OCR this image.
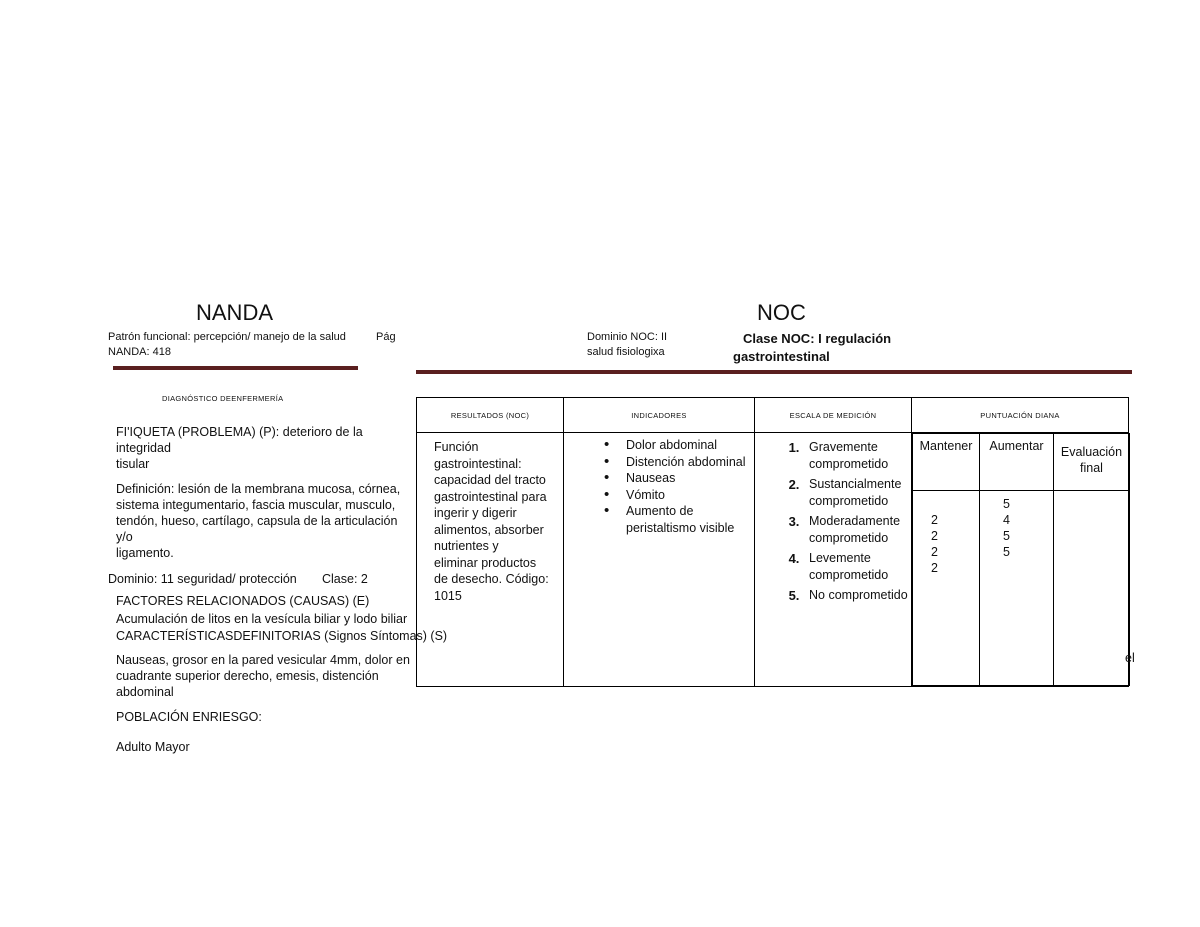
NANDA
Patrón funcional: percepción/ manejo de la salud	Pág
NANDA: 418
NOC
Dominio NOC: II
salud fisiologixa
Clase NOC: I regulación
gastrointestinal
DIAGNÓSTICO DEENFERMERÍA
FI'IQUETA (PROBLEMA) (P): deterioro de la integridad
tisular
Definición: lesión de la membrana mucosa, córnea,
sistema integumentario, fascia muscular, musculo,
tendón, hueso, cartílago, capsula de la articulación y/o
ligamento.
Dominio: 11 seguridad/ protección Clase: 2
FACTORES RELACIONADOS (CAUSAS) (E)
Acumulación de litos en la vesícula biliar y lodo biliar
CARACTERÍSTICASDEFINITORIAS (Signos Síntomas) (S)
Nauseas, grosor en la pared vesicular 4mm, dolor en
cuadrante superior derecho, emesis, distención
abdominal
POBLACIÓN ENRIESGO:
Adulto Mayor
RESULTADOS (NOC)	INDICADORES	ESCALA DE MEDICIÓN	PUNTUACIÓN DIANA

Función
gastrointestinal:
capacidad del tracto
gastrointestinal para
ingerir y digerir
alimentos, absorber
nutrientes y
eliminar productos
de desecho. Código:
1015

• Dolor abdominal
• Distención abdominal
• Nauseas
• Vómito
• Aumento de peristaltismo visible

1. Gravemente comprometido
2. Sustancialmente comprometido
3. Moderadamente comprometido
4. Levemente comprometido
5. No comprometido

Mantener	Aumentar	Evaluación final

2
2
2
2

5
4
5
5

el
